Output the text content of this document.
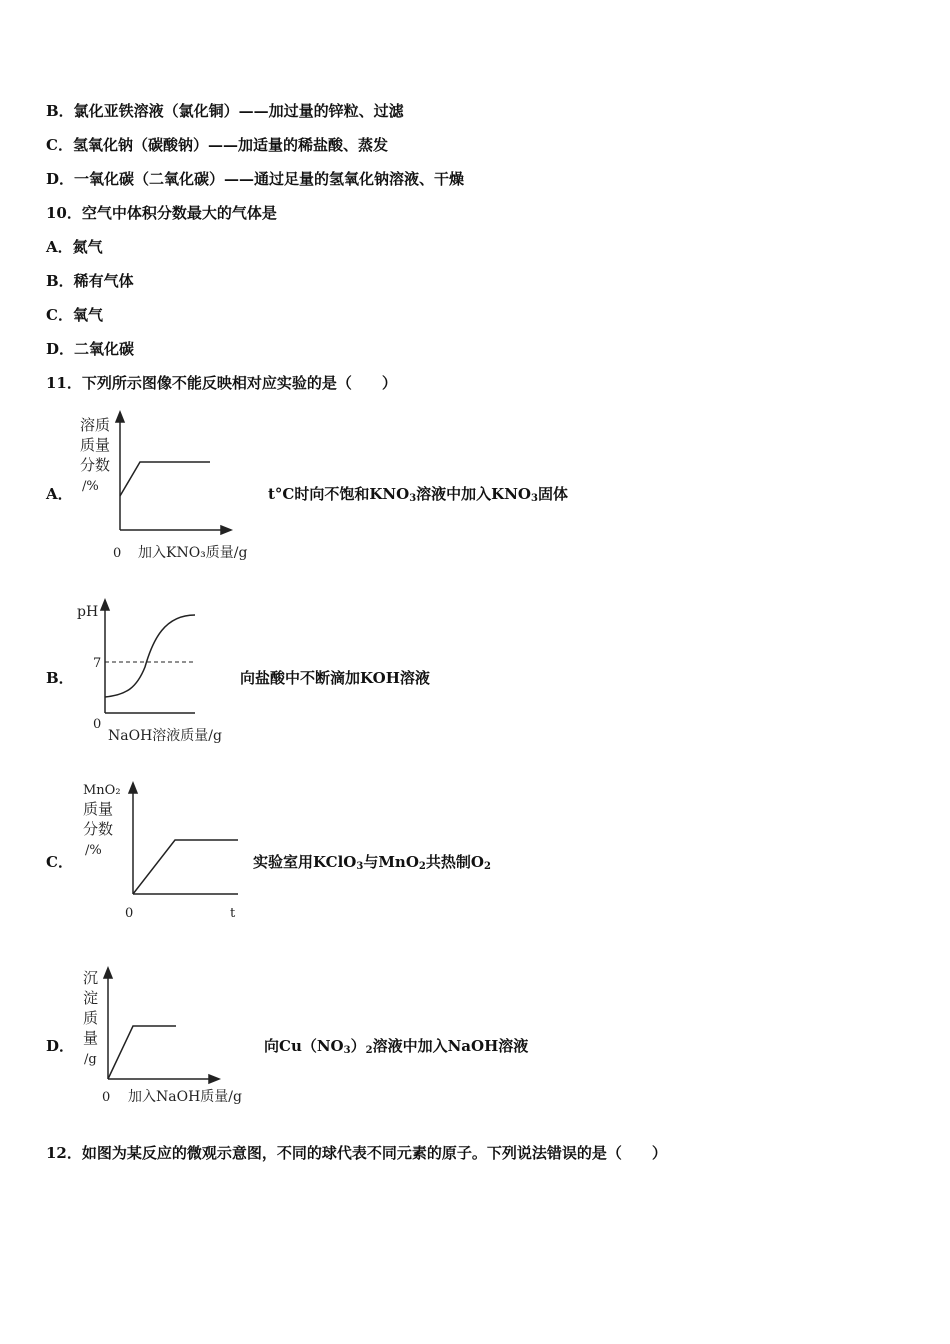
B．氯化亚铁溶液（氯化铜）——加过量的锌粒、过滤
C．氢氧化钠（碳酸钠）——加适量的稀盐酸、蒸发
D．一氧化碳（二氧化碳）——通过足量的氢氧化钠溶液、干燥
10．空气中体积分数最大的气体是
A．氮气
B．稀有气体
C．氧气
D．二氧化碳
11．下列所示图像不能反映相对应实验的是（　　）
A．
溶质
质量
分数
/%
0 加入KNO₃质量/g
t°C时向不饱和$KNO_3$溶液中加入$KNO_3$固体
B．
pH
7
0
NaOH溶液质量/g
向盐酸中不断滴加KOH溶液
C．
MnO₂
质量
分数
/%
0	t
实验室用KClO$_3$与MnO$_2$共热制$O_2$
D．
沉
淀
质
量
/g
0 加入NaOH质量/g
向$Cu(NO_3)_2$溶液中加入NaOH溶液
12．如图为某反应的微观示意图，不同的球代表不同元素的原子。下列说法错误的是（　　）
